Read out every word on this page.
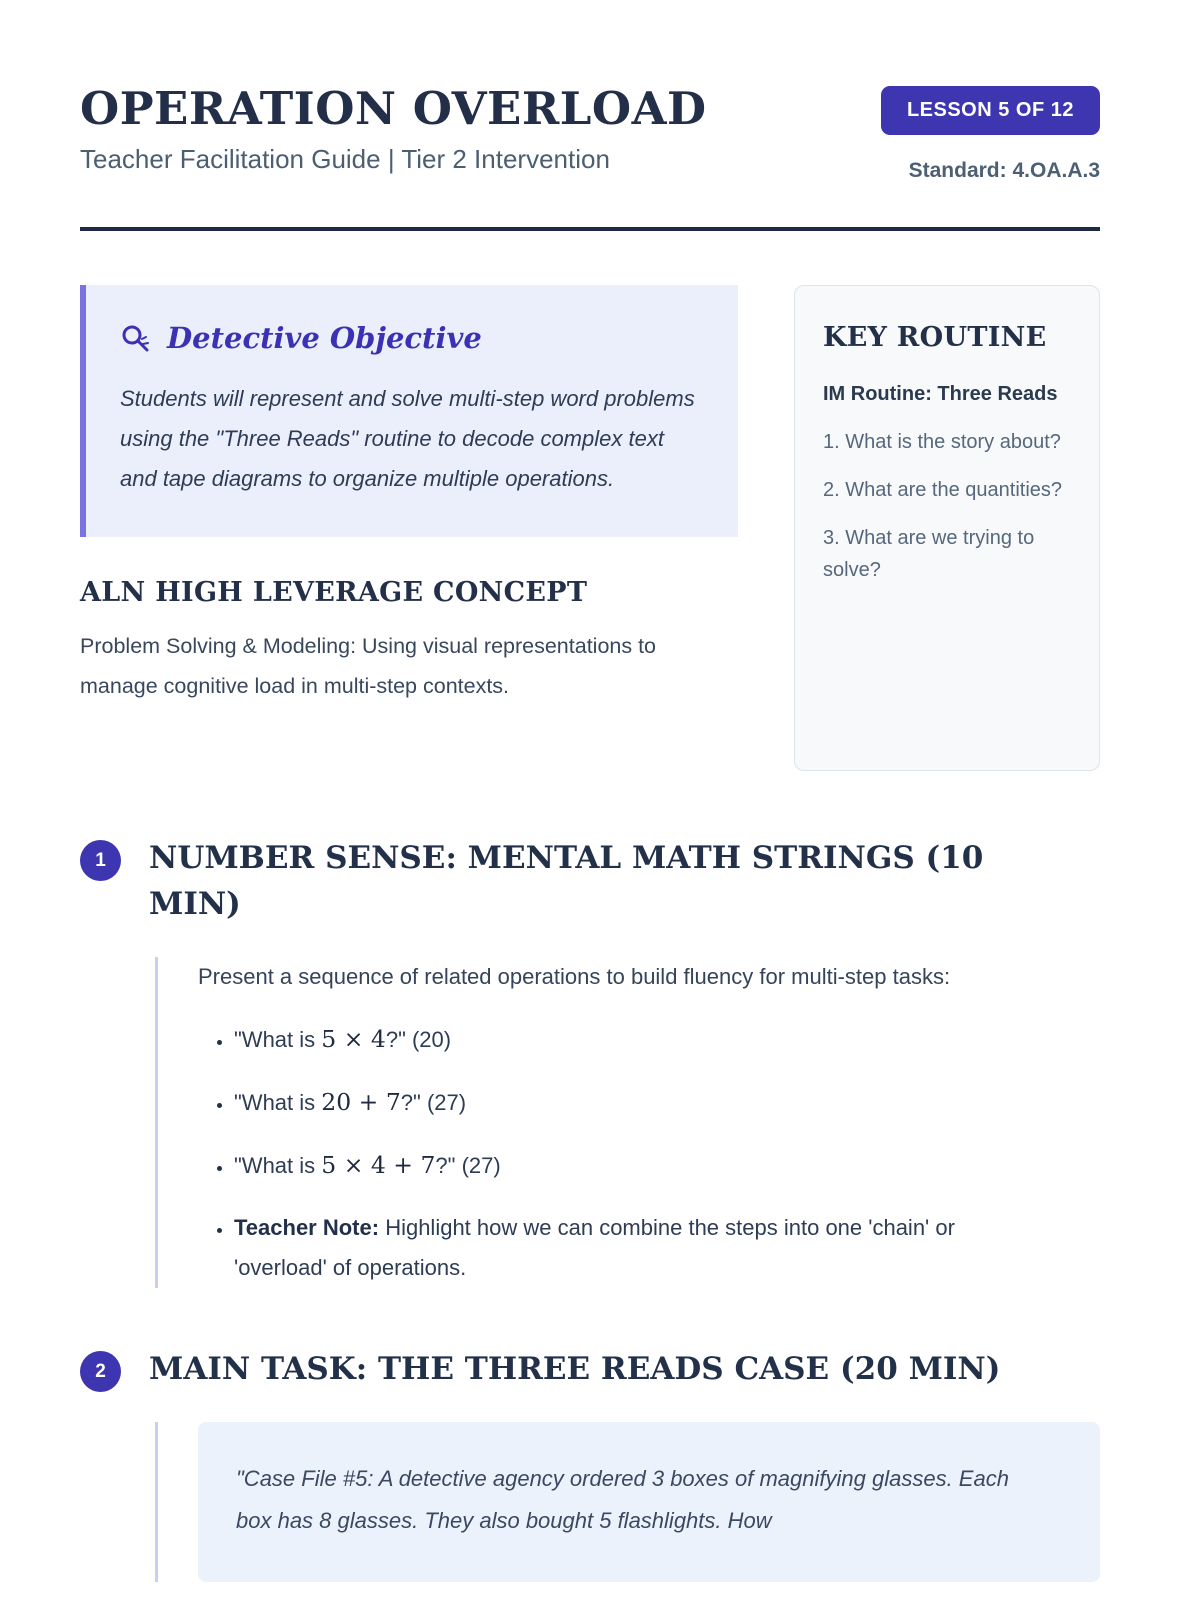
OPERATION OVERLOAD
Teacher Facilitation Guide | Tier 2 Intervention
LESSON 5 OF 12
Standard: 4.OA.A.3
Detective Objective

Students will represent and solve multi-step word problems using the "Three Reads" routine to decode complex text and tape diagrams to organize multiple operations.

ALN HIGH LEVERAGE CONCEPT

Problem Solving & Modeling: Using visual representations to manage cognitive load in multi-step contexts.

KEY ROUTINE
IM Routine: Three Reads
1. What is the story about?
2. What are the quantities?
3. What are we trying to solve?
1	NUMBER SENSE: MENTAL MATH STRINGS (10 MIN)

Present a sequence of related operations to build fluency for multi-step tasks:

• "What is 5 × 4?" (20)
• "What is 20 + 7?" (27)
• "What is 5 × 4 + 7?" (27)
• Teacher Note: Highlight how we can combine the steps into one 'chain' or 'overload' of operations.
2	MAIN TASK: THE THREE READS CASE (20 MIN)

"Case File #5: A detective agency ordered 3 boxes of magnifying glasses. Each box has 8 glasses. They also bought 5 flashlights. How
